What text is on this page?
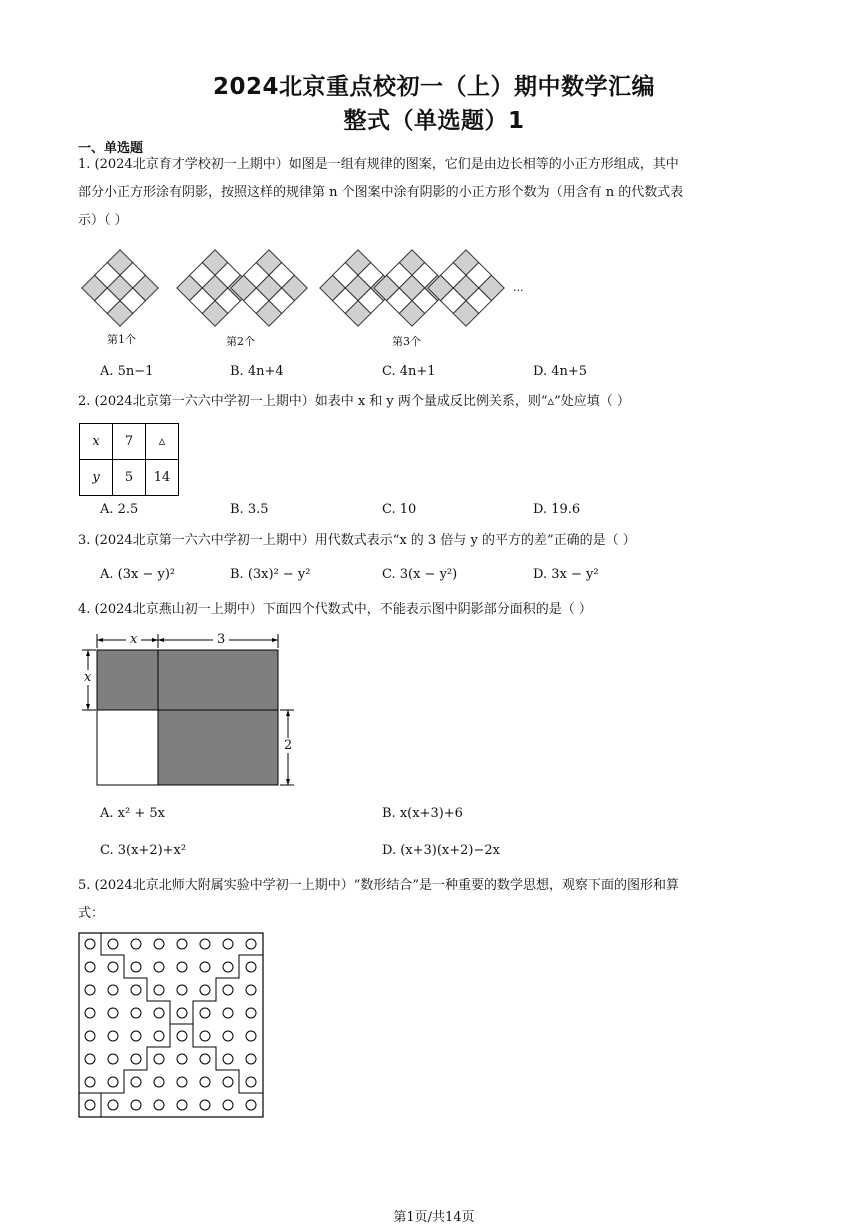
2024北京重点校初一（上）期中数学汇编
整式（单选题）1
一、单选题
1. (2024北京育才学校初一上期中）如图是一组有规律的图案，它们是由边长相等的小正方形组成，其中
部分小正方形涂有阴影，按照这样的规律第 n 个图案中涂有阴影的小正方形个数为（用含有 n 的代数式表
示）（ ）
第1个	第2个	第3个
···
A. 5n−1	B. 4n+4	C. 4n+1	D. 4n+5
2. (2024北京第一六六中学初一上期中）如表中 x 和 y 两个量成反比例关系，则“▵”处应填（ ）
x	7	▵
y	5	14
A. 2.5	B. 3.5	C. 10	D. 19.6
3. (2024北京第一六六中学初一上期中）用代数式表示“x 的 3 倍与 y 的平方的差”正确的是（ ）
A. (3x − y)²	B. (3x)² − y²	C. 3(x − y²)	D. 3x − y²
4. (2024北京燕山初一上期中）下面四个代数式中，不能表示图中阴影部分面积的是（ ）
x	3
x
2
A. x² + 5x	B. x(x+3)+6
C. 3(x+2)+x²	D. (x+3)(x+2)−2x
5. (2024北京北师大附属实验中学初一上期中）“数形结合”是一种重要的数学思想，观察下面的图形和算
式：
第1页/共14页
